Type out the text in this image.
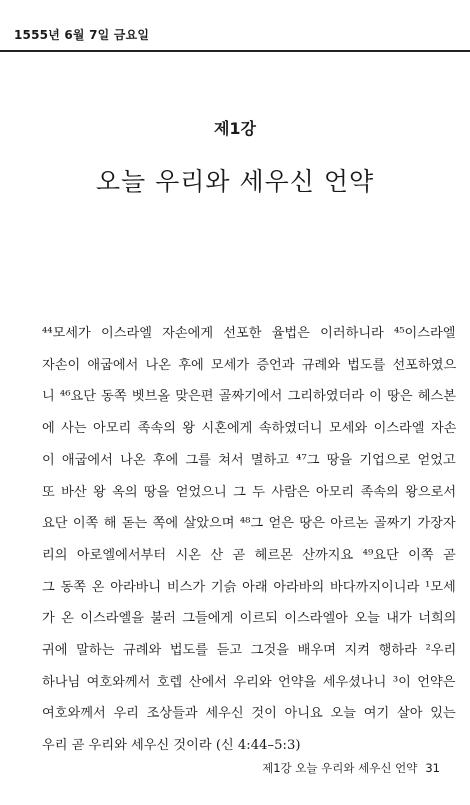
1555년 6월 7일 금요일
제1강
오늘 우리와 세우신 언약
⁴⁴모세가 이스라엘 자손에게 선포한 율법은 이러하니라 ⁴⁵이스라엘
자손이 애굽에서 나온 후에 모세가 증언과 규례와 법도를 선포하였으
니 ⁴⁶요단 동쪽 벳브올 맞은편 골짜기에서 그리하였더라 이 땅은 헤스본
에 사는 아모리 족속의 왕 시혼에게 속하였더니 모세와 이스라엘 자손
이 애굽에서 나온 후에 그를 쳐서 멸하고 ⁴⁷그 땅을 기업으로 얻었고
또 바산 왕 옥의 땅을 얻었으니 그 두 사람은 아모리 족속의 왕으로서
요단 이쪽 해 돋는 쪽에 살았으며 ⁴⁸그 얻은 땅은 아르논 골짜기 가장자
리의 아로엘에서부터 시온 산 곧 헤르몬 산까지요 ⁴⁹요단 이쪽 곧
그 동쪽 온 아라바니 비스가 기슭 아래 아라바의 바다까지이니라 ¹모세
가 온 이스라엘을 불러 그들에게 이르되 이스라엘아 오늘 내가 너희의
귀에 말하는 규례와 법도를 듣고 그것을 배우며 지켜 행하라 ²우리
하나님 여호와께서 호렙 산에서 우리와 언약을 세우셨나니 ³이 언약은
여호와께서 우리 조상들과 세우신 것이 아니요 오늘 여기 살아 있는
우리 곧 우리와 세우신 것이라 (신 4:44–5:3)
제1강 오늘 우리와 세우신 언약 31
